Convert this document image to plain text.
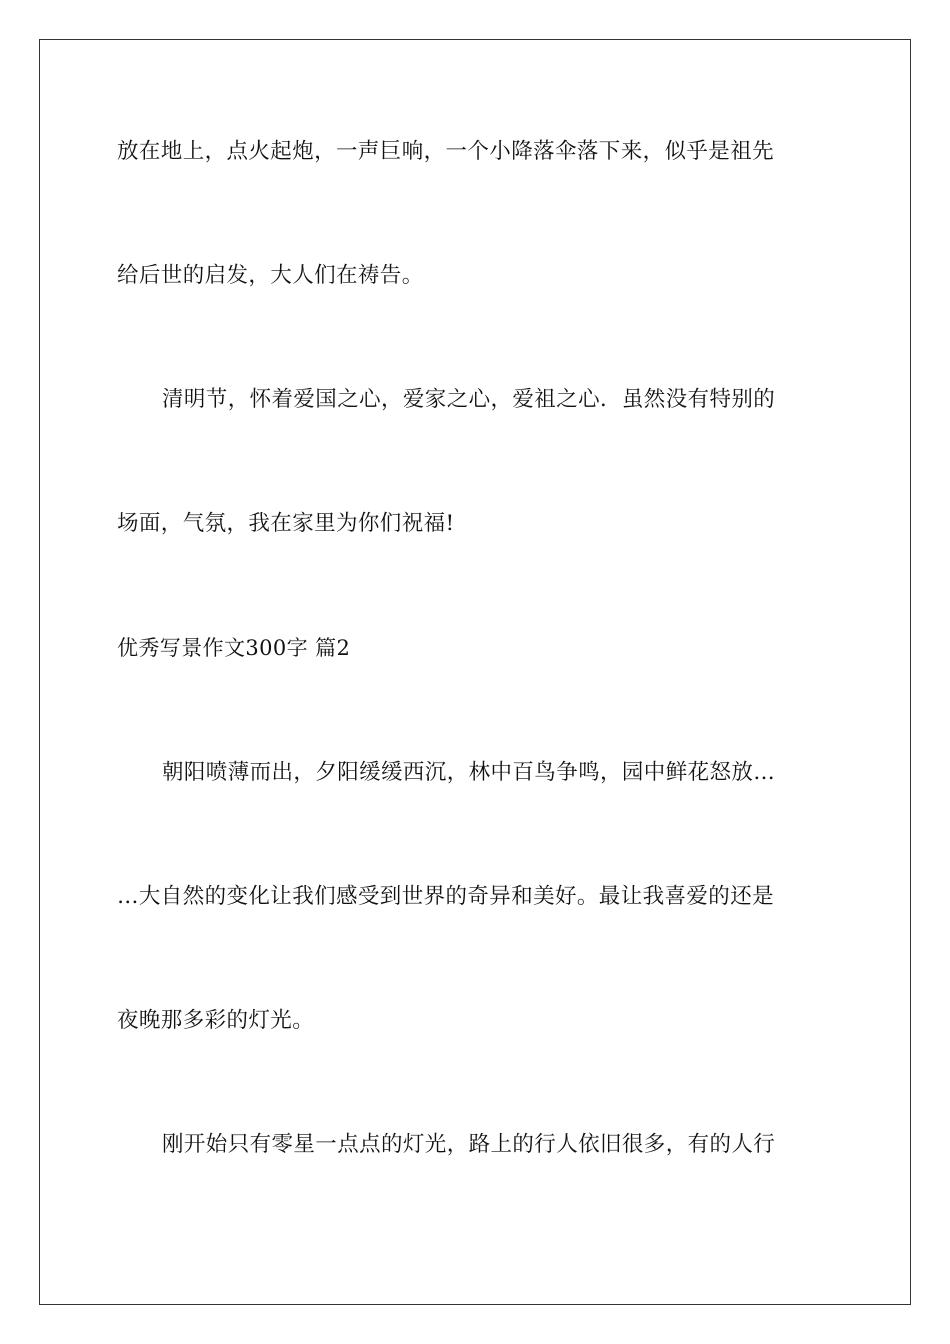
放在地上，点火起炮，一声巨响，一个小降落伞落下来，似乎是祖先
给后世的启发，大人们在祷告。
清明节，怀着爱国之心，爱家之心，爱祖之心．虽然没有特别的
场面，气氛，我在家里为你们祝福!
优秀写景作文300字 篇2
朝阳喷薄而出，夕阳缓缓西沉，林中百鸟争鸣，园中鲜花怒放…
…大自然的变化让我们感受到世界的奇异和美好。最让我喜爱的还是
夜晚那多彩的灯光。
刚开始只有零星一点点的灯光，路上的行人依旧很多，有的人行
